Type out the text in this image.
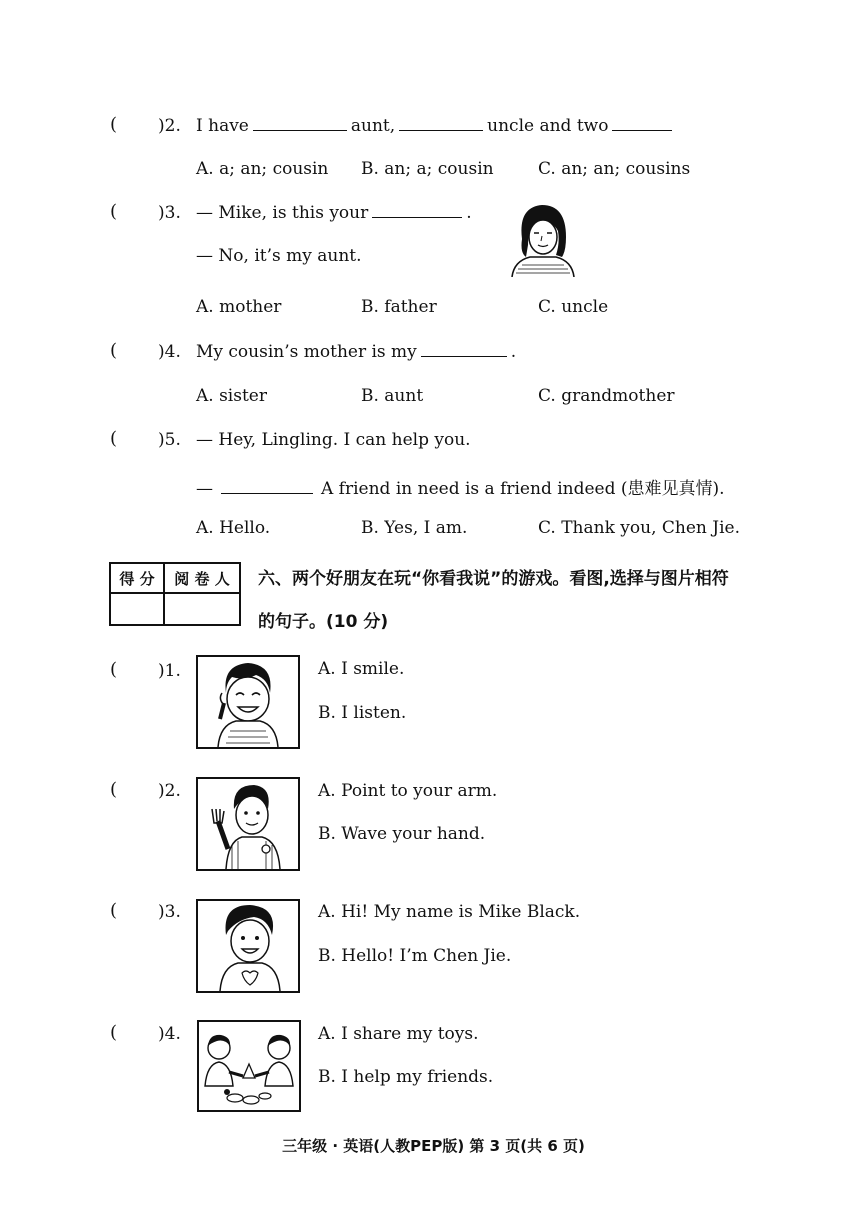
( )2. I have	aunt,	uncle and two
A. a; an; cousin B. an; a; cousin	C. an; an; cousins
( )3. — Mike, is this your	.
— No, it’s my aunt.
A. mother	B. father	C. uncle
( )4. My cousin’s mother is my	.
A. sister	B. aunt	C. grandmother
( )5. — Hey, Lingling. I can help you.
—	A friend in need is a friend indeed (患难见真情).
A. Hello.	B. Yes, I am.	C. Thank you, Chen Jie.
得 分	阅 卷 人	六、两个好朋友在玩“你看我说”的游戏。看图,选择与图片相符
的句子。(10 分)
( )1.	A. I smile.
B. I listen.
( )2.	A. Point to your arm.
B. Wave your hand.
( )3.	A. Hi! My name is Mike Black.
B. Hello! I’m Chen Jie.
( )4.	A. I share my toys.
B. I help my friends.
三年级 · 英语(人教PEP版) 第 3 页(共 6 页)
